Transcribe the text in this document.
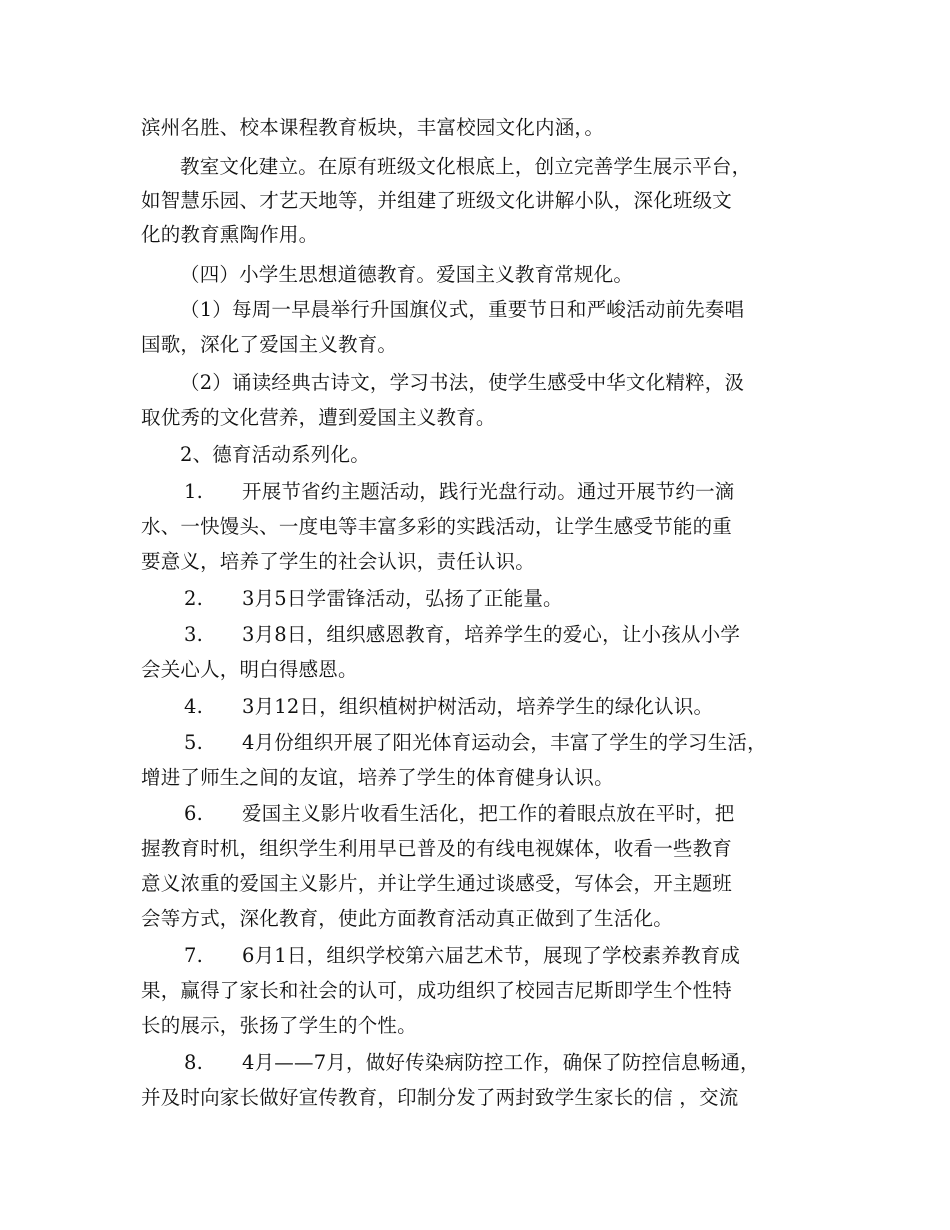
滨州名胜、校本课程教育板块，丰富校园文化内涵，。
教室文化建立。在原有班级文化根底上，创立完善学生展示平台，
如智慧乐园、才艺天地等，并组建了班级文化讲解小队，深化班级文
化的教育熏陶作用。
（四）小学生思想道德教育。爱国主义教育常规化。
（1）每周一早晨举行升国旗仪式，重要节日和严峻活动前先奏唱
国歌，深化了爱国主义教育。
（2）诵读经典古诗文，学习书法，使学生感受中华文化精粹，汲
取优秀的文化营养，遭到爱国主义教育。
2、德育活动系列化。
1. 开展节省约主题活动，践行光盘行动。通过开展节约一滴
水、一快馒头、一度电等丰富多彩的实践活动，让学生感受节能的重
要意义，培养了学生的社会认识，责任认识。
2. 3月5日学雷锋活动，弘扬了正能量。
3. 3月8日，组织感恩教育，培养学生的爱心，让小孩从小学
会关心人，明白得感恩。
4. 3月12日，组织植树护树活动，培养学生的绿化认识。
5. 4月份组织开展了阳光体育运动会，丰富了学生的学习生活，
增进了师生之间的友谊，培养了学生的体育健身认识。
6. 爱国主义影片收看生活化，把工作的着眼点放在平时，把
握教育时机，组织学生利用早已普及的有线电视媒体，收看一些教育
意义浓重的爱国主义影片，并让学生通过谈感受，写体会，开主题班
会等方式，深化教育，使此方面教育活动真正做到了生活化。
7. 6月1日，组织学校第六届艺术节，展现了学校素养教育成
果，赢得了家长和社会的认可，成功组织了校园吉尼斯即学生个性特
长的展示，张扬了学生的个性。
8. 4月——7月，做好传染病防控工作，确保了防控信息畅通，
并及时向家长做好宣传教育，印制分发了两封致学生家长的信 ，交流
